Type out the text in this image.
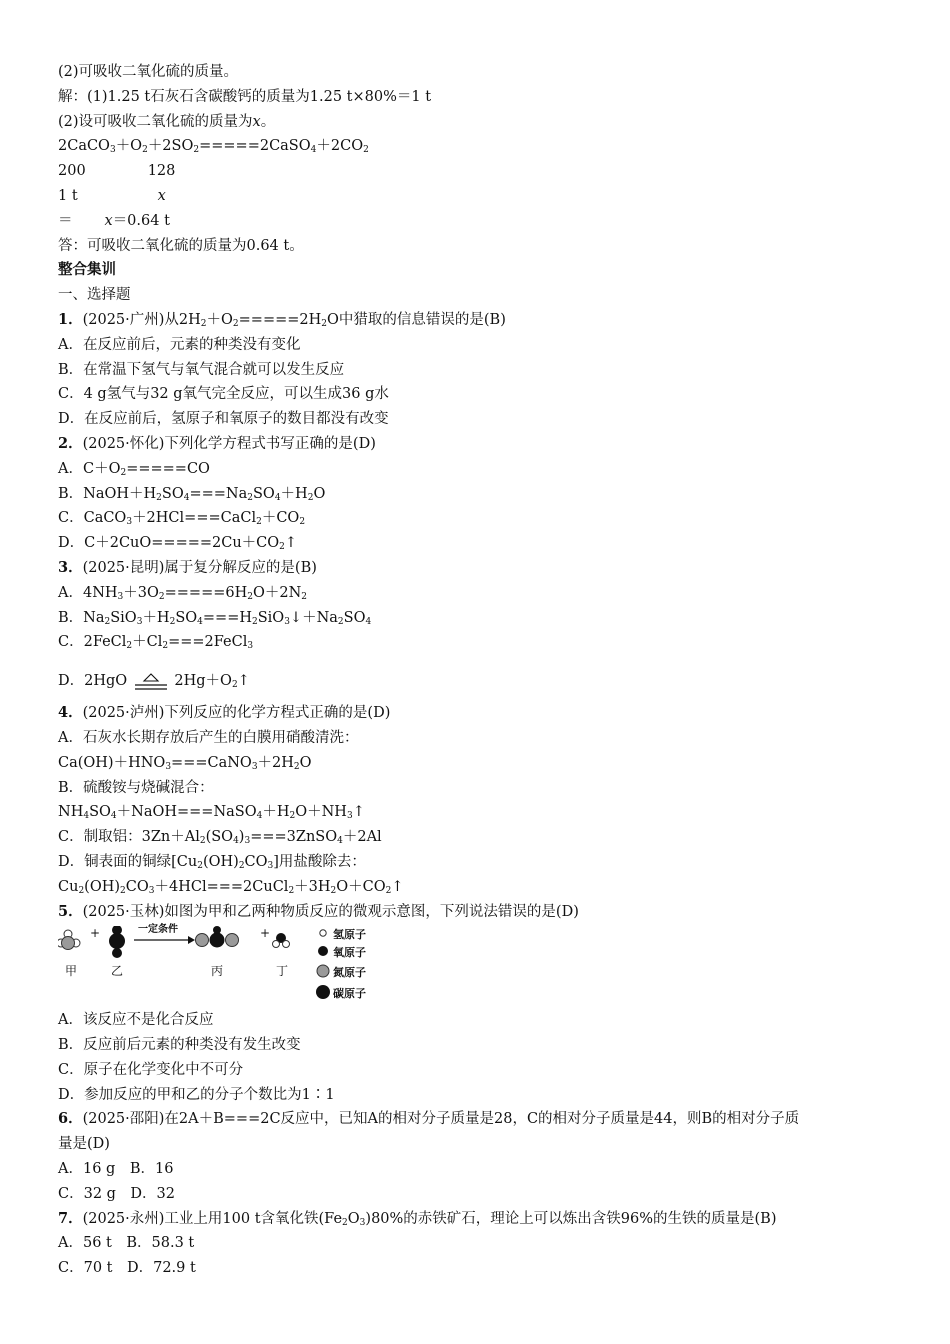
(2)可吸收二氧化硫的质量。
解：(1)1.25 t石灰石含碳酸钙的质量为1.25 t×80%＝1 t
(2)设可吸收二氧化硫的质量为x。
$2CaCO_3+O_2+2SO_2=====2CaSO_4+2CO_2$
200	128
1 t	x
＝ x＝0.64 t
答：可吸收二氧化硫的质量为0.64 t。
整合集训
一、选择题
1．(2025·广州)从$2H_2+O_2=====2H_2O$中猎取的信息错误的是(B)
A．在反应前后，元素的种类没有变化
B．在常温下氢气与氧气混合就可以发生反应
C．4 g氢气与32 g氧气完全反应，可以生成36 g水
D．在反应前后，氢原子和氧原子的数目都没有改变
2．(2025·怀化)下列化学方程式书写正确的是(D)
A．$C+O_2=====CO$
B．$NaOH+H_2SO_4===Na_2SO_4+H_2O$
C．$CaCO_3+2HCl===CaCl_2+CO_2$
D．$C+2CuO=====2Cu+CO_2↑$
3．(2025·昆明)属于复分解反应的是(B)
A．$4NH_3+3O_2=====6H_2O+2N_2$
B．$Na_2SiO_3+H_2SO_4===H_2SiO_3↓+Na_2SO_4$
C．$2FeCl_2+Cl_2===2FeCl_3$
D．2HgO	$2Hg+O_2↑$
4．(2025·泸州)下列反应的化学方程式正确的是(D)
A．石灰水长期存放后产生的白膜用硝酸清洗：
$Ca(OH)+HNO_3===CaNO_3+2H_2O$
B．硫酸铵与烧碱混合：
$NH_4SO_4+NaOH===NaSO_4+H_2O+NH_3↑$
C．制取铝：$3Zn+Al_2(SO_4)_3===3ZnSO_4+2Al$
D．铜表面的铜绿$[Cu_2(OH)_2CO_3]$用盐酸除去：
$Cu_2(OH)_2CO_3+4HCl===2CuCl_2+3H_2O+CO_2↑$
5．(2025·玉林)如图为甲和乙两种物质反应的微观示意图，下列说法错误的是(D)
+	一定条件	+
甲	乙	丙	丁
氢原子
氧原子
氮原子
碳原子
A．该反应不是化合反应
B．反应前后元素的种类没有发生改变
C．原子在化学变化中不可分
D．参加反应的甲和乙的分子个数比为1∶1
6．(2025·邵阳)在2A＋B===2C反应中，已知A的相对分子质量是28，C的相对分子质量是44，则B的相对分子质
量是(D)
A．16 g　B．16
C．32 g　D．32
7．(2025·永州)工业上用100 t含氧化铁$(Fe_2O_3)80\%$的赤铁矿石，理论上可以炼出含铁96%的生铁的质量是(B)
A．56 t　B．58.3 t
C．70 t　D．72.9 t
